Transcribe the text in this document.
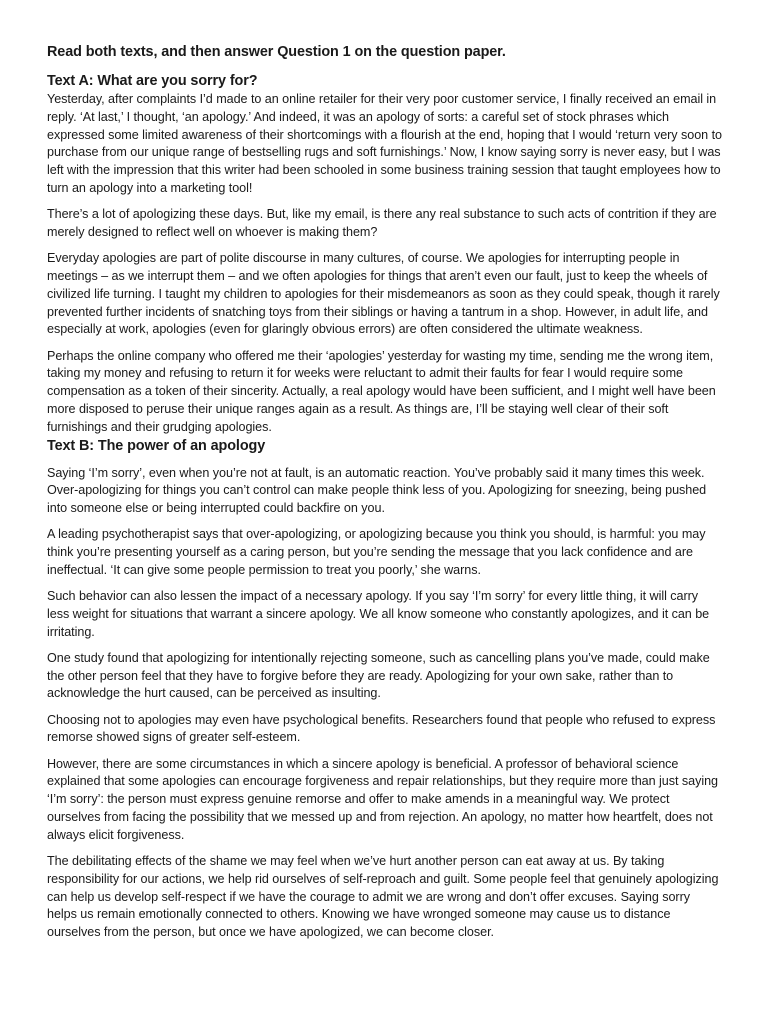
Read both texts, and then answer Question 1 on the question paper.

Text A: What are you sorry for?

Yesterday, after complaints I’d made to an online retailer for their very poor customer service, I finally received an email in reply. ‘At last,’ I thought, ‘an apology.’ And indeed, it was an apology of sorts: a careful set of stock phrases which expressed some limited awareness of their shortcomings with a flourish at the end, hoping that I would ‘return very soon to purchase from our unique range of bestselling rugs and soft furnishings.’ Now, I know saying sorry is never easy, but I was left with the impression that this writer had been schooled in some business training session that taught employees how to turn an apology into a marketing tool!

There’s a lot of apologizing these days. But, like my email, is there any real substance to such acts of contrition if they are merely designed to reflect well on whoever is making them?

Everyday apologies are part of polite discourse in many cultures, of course. We apologies for interrupting people in meetings – as we interrupt them – and we often apologies for things that aren’t even our fault, just to keep the wheels of civilized life turning. I taught my children to apologies for their misdemeanors as soon as they could speak, though it rarely prevented further incidents of snatching toys from their siblings or having a tantrum in a shop. However, in adult life, and especially at work, apologies (even for glaringly obvious errors) are often considered the ultimate weakness.

Perhaps the online company who offered me their ‘apologies’ yesterday for wasting my time, sending me the wrong item, taking my money and refusing to return it for weeks were reluctant to admit their faults for fear I would require some compensation as a token of their sincerity. Actually, a real apology would have been sufficient, and I might well have been more disposed to peruse their unique ranges again as a result. As things are, I’ll be staying well clear of their soft furnishings and their grudging apologies.

Text B: The power of an apology

Saying ‘I’m sorry’, even when you’re not at fault, is an automatic reaction. You’ve probably said it many times this week. Over-apologizing for things you can’t control can make people think less of you. Apologizing for sneezing, being pushed into someone else or being interrupted could backfire on you.

A leading psychotherapist says that over-apologizing, or apologizing because you think you should, is harmful: you may think you’re presenting yourself as a caring person, but you’re sending the message that you lack confidence and are ineffectual. ‘It can give some people permission to treat you poorly,’ she warns.

Such behavior can also lessen the impact of a necessary apology. If you say ‘I’m sorry’ for every little thing, it will carry less weight for situations that warrant a sincere apology. We all know someone who constantly apologizes, and it can be irritating.

One study found that apologizing for intentionally rejecting someone, such as cancelling plans you’ve made, could make the other person feel that they have to forgive before they are ready. Apologizing for your own sake, rather than to acknowledge the hurt caused, can be perceived as insulting.

Choosing not to apologies may even have psychological benefits. Researchers found that people who refused to express remorse showed signs of greater self-esteem.

However, there are some circumstances in which a sincere apology is beneficial. A professor of behavioral science explained that some apologies can encourage forgiveness and repair relationships, but they require more than just saying ‘I’m sorry’: the person must express genuine remorse and offer to make amends in a meaningful way. We protect ourselves from facing the possibility that we messed up and from rejection. An apology, no matter how heartfelt, does not always elicit forgiveness.

The debilitating effects of the shame we may feel when we’ve hurt another person can eat away at us. By taking responsibility for our actions, we help rid ourselves of self-reproach and guilt. Some people feel that genuinely apologizing can help us develop self-respect if we have the courage to admit we are wrong and don’t offer excuses. Saying sorry helps us remain emotionally connected to others. Knowing we have wronged someone may cause us to distance ourselves from the person, but once we have apologized, we can become closer.
